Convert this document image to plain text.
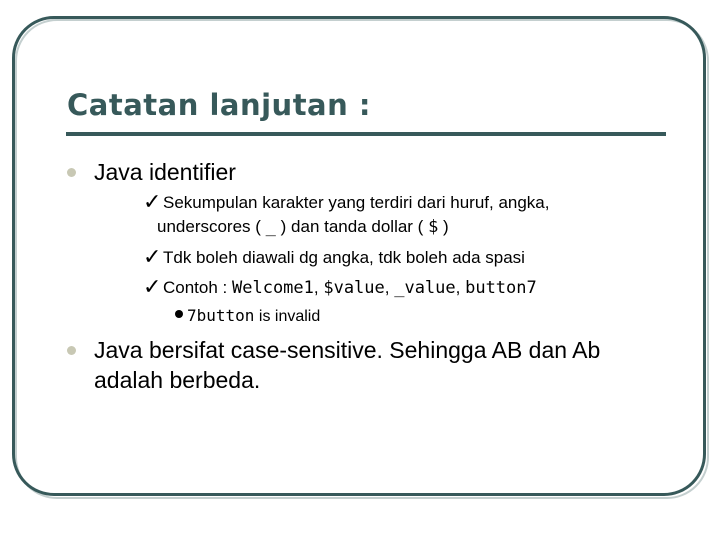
Catatan lanjutan :
Java identifier
✓Sekumpulan karakter yang terdiri dari huruf, angka,
underscores ( _ ) dan tanda dollar ( $ )
✓Tdk boleh diawali dg angka, tdk boleh ada spasi
✓Contoh : Welcome1, $value, _value, button7
7button is invalid
Java bersifat case-sensitive. Sehingga AB dan Ab
adalah berbeda.
